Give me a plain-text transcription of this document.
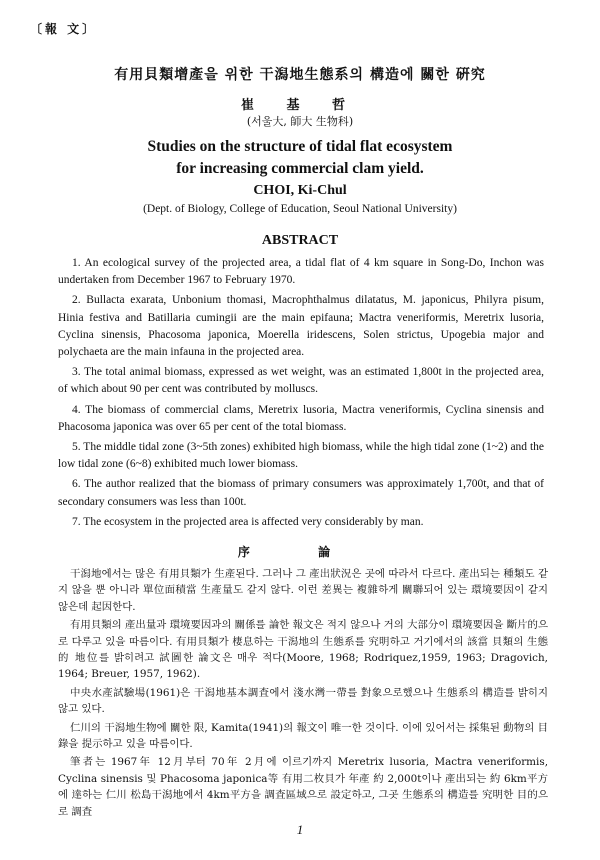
〔報 文〕
有用貝類增產을 위한 干潟地生態系의 構造에 關한 硏究
崔 基 哲
(서울大, 師大 生物科)
Studies on the structure of tidal flat ecosystem
for increasing commercial clam yield.
CHOI, Ki-Chul
(Dept. of Biology, College of Education, Seoul National University)
ABSTRACT

1. An ecological survey of the projected area, a tidal flat of 4 km square in Song-Do, Inchon was undertaken from December 1967 to February 1970.

2. Bullacta exarata, Unbonium thomasi, Macrophthalmus dilatatus, M. japonicus, Philyra pisum, Hinia festiva and Batillaria cumingii are the main epifauna; Mactra veneriformis, Meretrix lusoria, Cyclina sinensis, Phacosoma japonica, Moerella iridescens, Solen strictus, Upogebia major and polychaeta are the main infauna in the projected area.

3. The total animal biomass, expressed as wet weight, was an estimated 1,800t in the projected area, of which about 90 per cent was contributed by molluscs.

4. The biomass of commercial clams, Meretrix lusoria, Mactra veneriformis, Cyclina sinensis and Phacosoma japonica was over 65 per cent of the total biomass.

5. The middle tidal zone (3~5th zones) exhibited high biomass, while the high tidal zone (1~2) and the low tidal zone (6~8) exhibited much lower biomass.

6. The author realized that the biomass of primary consumers was approximately 1,700t, and that of secondary consumers was less than 100t.

7. The ecosystem in the projected area is affected very considerably by man.

序 論

干潟地에서는 많은 有用貝類가 生產된다. 그러나 그 產出狀況은 곳에 따라서 다르다. 產出되는 種類도 같지 않을 뿐 아니라 單位面積當 生產量도 같지 않다. 이런 差異는 複雜하게 關聯되어 있는 環境要因이 같지 않은데 起因한다.

有用貝類의 產出量과 環境要因과의 關係를 論한 報文은 적지 않으나 거의 大部分이 環境要因을 斷片的으로 다루고 있을 따름이다. 有用貝類가 棲息하는 干潟地의 生態系를 究明하고 거기에서의 該當 貝類의 生態的 地位를 밝히려고 試圖한 論文은 매우 적다(Moore, 1968; Rodriquez,1959, 1963; Dragovich, 1964; Breuer, 1957, 1962).

中央水產試驗場(1961)은 干潟地基本調査에서 淺水灣一帶를 對象으로했으나 生態系의 構造를 밝히지 않고 있다.

仁川의 干潟地生物에 關한 限, Kamita(1941)의 報文이 唯一한 것이다. 이에 있어서는 採集된 動物의 目錄을 提示하고 있을 따름이다.

筆者는 1967年 12月부터 70年 2月에 이르기까지 Meretrix lusoria, Mactra veneriformis, Cyclina sinensis 및 Phacosoma japonica等 有用二枚貝가 年產 約 2,000t이나 產出되는 約 6km平方에 達하는 仁川 松島干潟地에서 4km平方을 調査區域으로 設定하고, 그곳 生態系의 構造를 究明한 目的으로 調査

1
